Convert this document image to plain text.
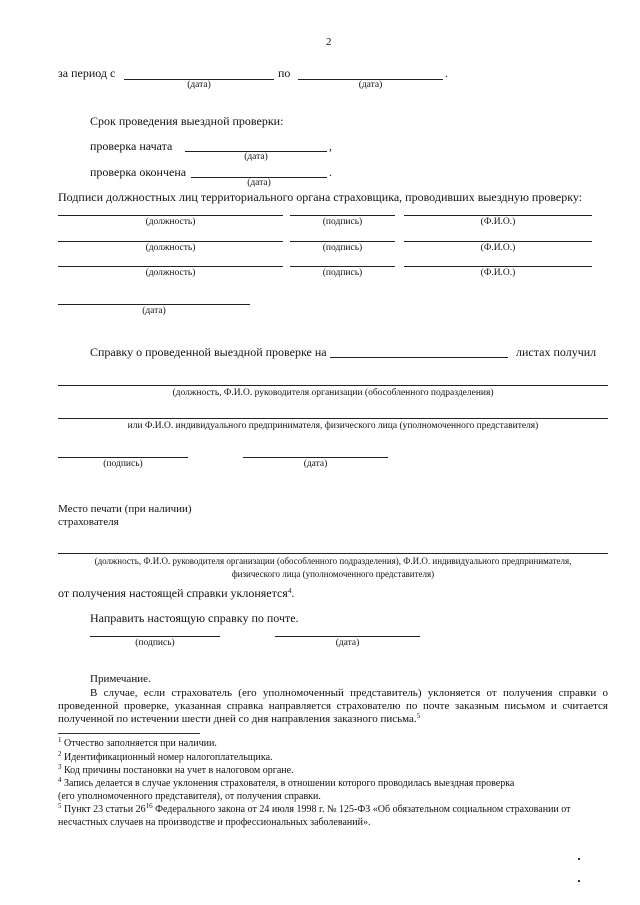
2
за период с	по	.
(дата)	(дата)
Срок проведения выездной проверки:
проверка начата	,
(дата)
проверка окончена	.
(дата)
Подписи должностных лиц территориального органа страховщика, проводивших выездную проверку:
(должность)	(подпись)	(Ф.И.О.)
(должность)	(подпись)	(Ф.И.О.)
(должность)	(подпись)	(Ф.И.О.)
(дата)
Справку о проведенной выездной проверке на	листах получил
(должность, Ф.И.О. руководителя организации (обособленного подразделения)
или Ф.И.О. индивидуального предпринимателя, физического лица (уполномоченного представителя)
(подпись)	(дата)
Место печати (при наличии)
страхователя
(должность, Ф.И.О. руководителя организации (обособленного подразделения), Ф.И.О. индивидуального предпринимателя,
физического лица (уполномоченного представителя)
от получения настоящей справки уклоняется$^4$.
Направить настоящую справку по почте.
(подпись)	(дата)
Примечание.
В случае, если страхователь (его уполномоченный представитель) уклоняется от получения справки о проведенной проверке, указанная справка направляется страхователю по почте заказным письмом и считается полученной по истечении шести дней со дня направления заказного письма.$^5$
$^1$ Отчество заполняется при наличии.
$^2$ Идентификационный номер налогоплательщика.
$^3$ Код причины постановки на учет в налоговом органе.
$^4$ Запись делается в случае уклонения страхователя, в отношении которого проводилась выездная проверка (его уполномоченного представителя), от получения справки.
$^5$ Пункт 23 статьи $26^{16}$ Федерального закона от 24 июля 1998 г. № 125-ФЗ «Об обязательном социальном страховании от несчастных случаев на производстве и профессиональных заболеваний».
